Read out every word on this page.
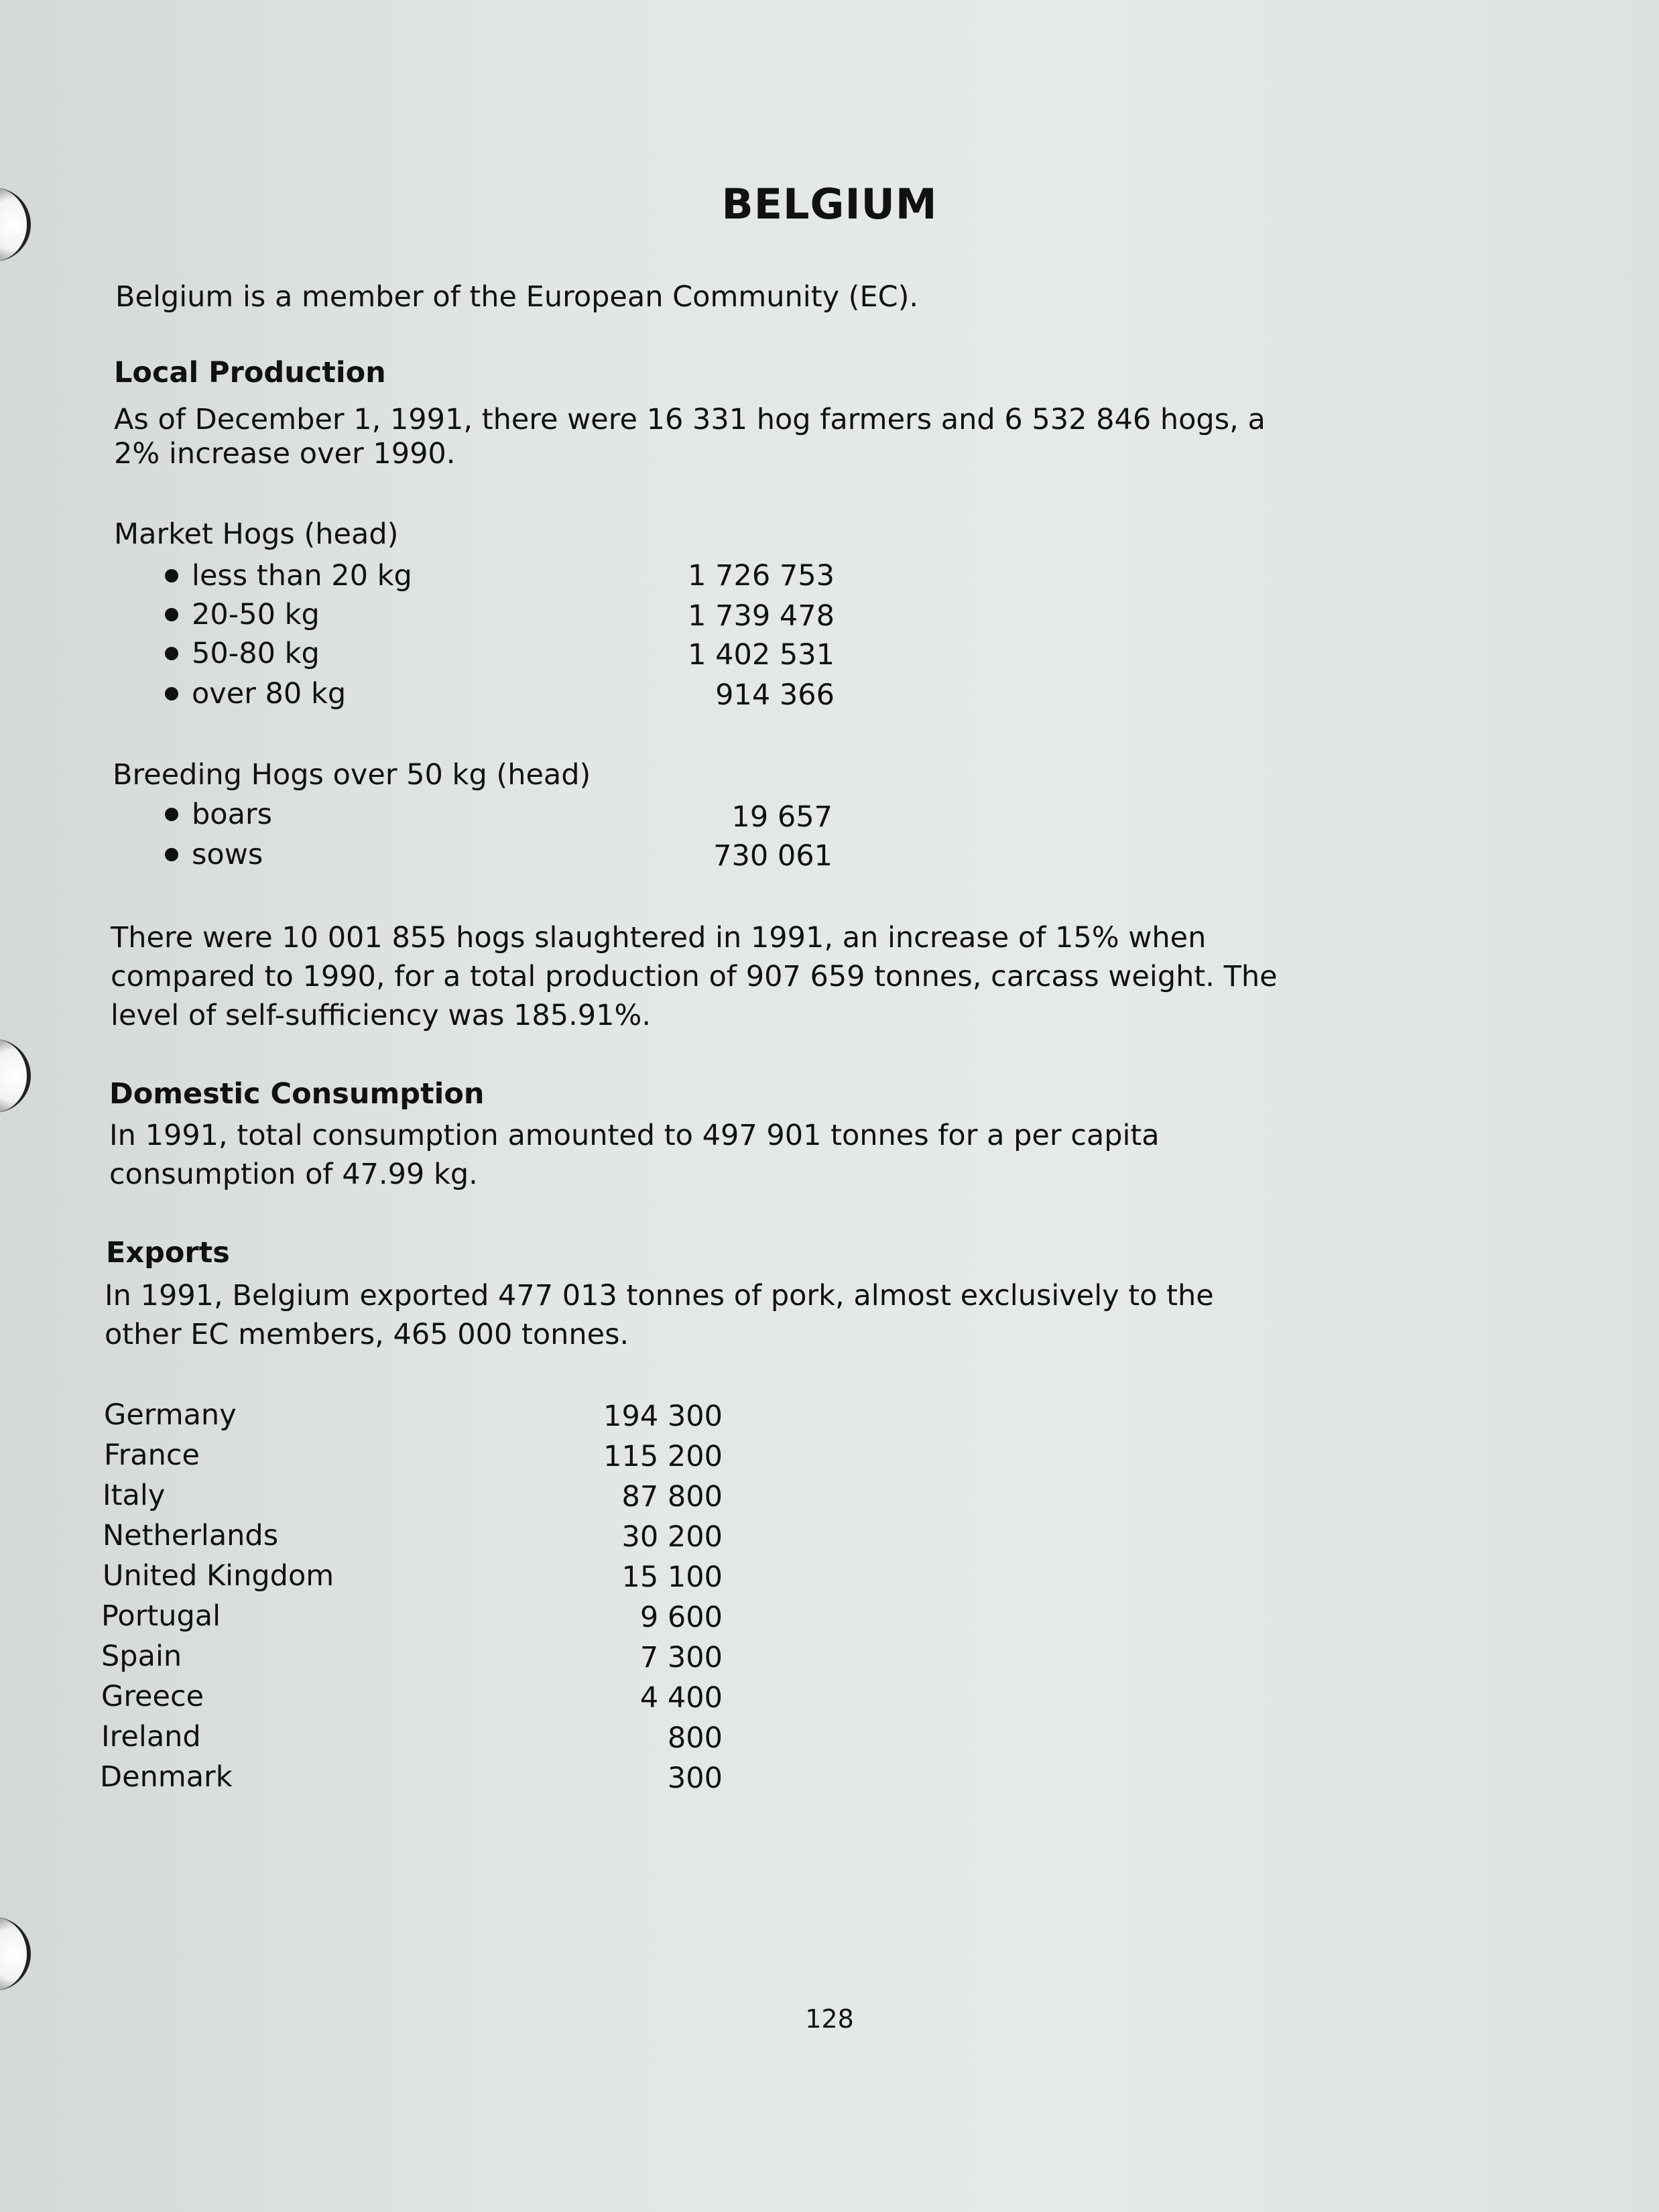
BELGIUM
Belgium is a member of the European Community (EC).
Local Production
As of December 1, 1991, there were 16 331 hog farmers and 6 532 846 hogs, a
2% increase over 1990.
Market Hogs (head)
less than 20 kg	1 726 753
20-50 kg	1 739 478
50-80 kg	1 402 531
over 80 kg	914 366
Breeding Hogs over 50 kg (head)
boars	19 657
sows	730 061
There were 10 001 855 hogs slaughtered in 1991, an increase of 15% when
compared to 1990, for a total production of 907 659 tonnes, carcass weight. The
level of self-sufficiency was 185.91%.
Domestic Consumption
In 1991, total consumption amounted to 497 901 tonnes for a per capita
consumption of 47.99 kg.
Exports
In 1991, Belgium exported 477 013 tonnes of pork, almost exclusively to the
other EC members, 465 000 tonnes.
Germany	194 300
France	115 200
Italy	87 800
Netherlands	30 200
United Kingdom	15 100
Portugal	9 600
Spain	7 300
Greece	4 400
Ireland	800
Denmark	300
128
